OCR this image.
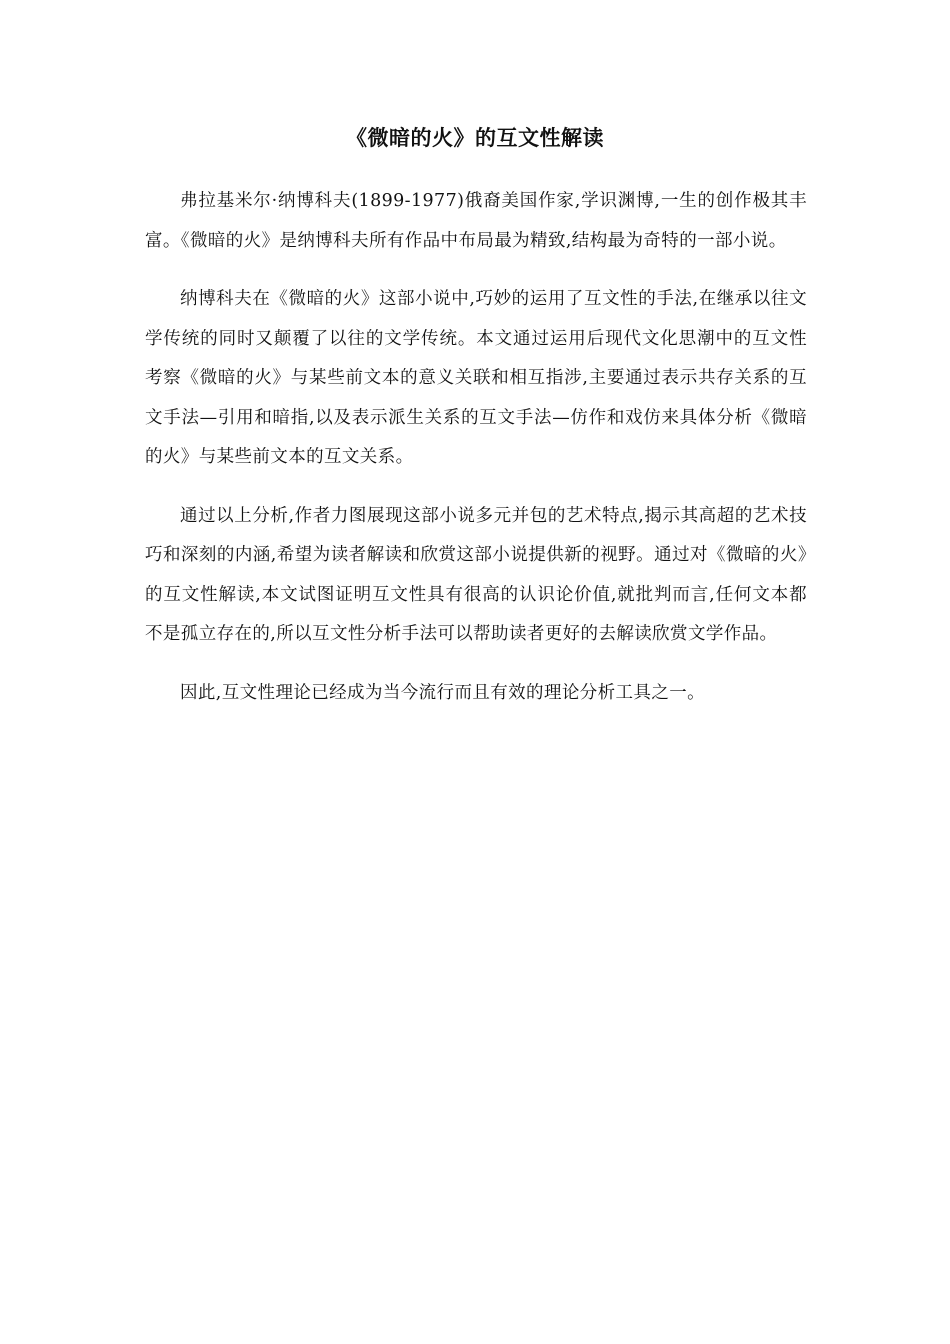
《微暗的火》的互文性解读

弗拉基米尔·纳博科夫(1899-1977)俄裔美国作家,学识渊博,一生的创作极其丰富。《微暗的火》是纳博科夫所有作品中布局最为精致,结构最为奇特的一部小说。

纳博科夫在《微暗的火》这部小说中,巧妙的运用了互文性的手法,在继承以往文学传统的同时又颠覆了以往的文学传统。本文通过运用后现代文化思潮中的互文性考察《微暗的火》与某些前文本的意义关联和相互指涉,主要通过表示共存关系的互文手法—引用和暗指,以及表示派生关系的互文手法—仿作和戏仿来具体分析《微暗的火》与某些前文本的互文关系。

通过以上分析,作者力图展现这部小说多元并包的艺术特点,揭示其高超的艺术技巧和深刻的内涵,希望为读者解读和欣赏这部小说提供新的视野。通过对《微暗的火》的互文性解读,本文试图证明互文性具有很高的认识论价值,就批判而言,任何文本都不是孤立存在的,所以互文性分析手法可以帮助读者更好的去解读欣赏文学作品。

因此,互文性理论已经成为当今流行而且有效的理论分析工具之一。
